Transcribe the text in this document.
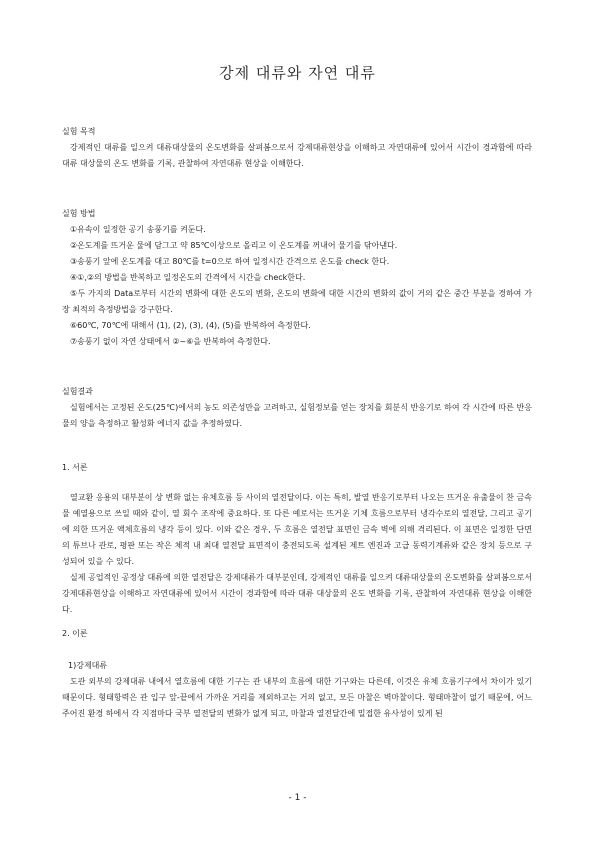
강제 대류와 자연 대류
실험 목적

강제적인 대류를 일으켜 대류대상물의 온도변화를 살펴봄으로서 강제대류현상을 이해하고 자연대류에 있어서 시간이 경과함에 따라 대류 대상물의 온도 변화를 기록, 관찰하여 자연대류 현상을 이해한다.

실험 방법

①유속이 일정한 공기 송풍기를 켜둔다.

②온도계를 뜨거운 물에 담그고 약 85℃이상으로 올리고 이 온도계를 꺼내어 물기를 닦아낸다.

③송풍기 앞에 온도계를 대고 80℃를 t=0으로 하여 일정시간 간격으로 온도를 check 한다.

④①,②의 방법을 반복하고 일정온도의 간격에서 시간을 check한다.

⑤두 가지의 Data로부터 시간의 변화에 대한 온도의 변화, 온도의 변화에 대한 시간의 변화의 값이 거의 같은 중간 부분을 경하여 가장 최적의 측정방법을 강구한다.

⑥60℃, 70℃에 대해서 (1), (2), (3), (4), (5)를 반복하여 측정한다.

⑦송풍기 없이 자연 상태에서 ②~⑥을 반복하여 측정한다.

실험결과

실험에서는 고정된 온도(25℃)에서의 농도 의존성만을 고려하고, 실험정보를 얻는 장치를 회분식 반응기로 하여 각 시간에 따른 반응물의 양을 측정하고 활성화 에너지 값을 추정하였다.

1. 서론

열교환 응용의 대부분이 상 변화 없는 유체흐름 등 사이의 열전달이다. 이는 특히, 발열 반응기로부터 나오는 뜨거운 유출물이 찬 금속물 예열용으로 쓰일 때와 같이, 열 회수 조작에 중요하다. 또 다른 예로서는 뜨거운 기체 흐름으로부터 냉각수로의 열전달, 그리고 공기에 의한 뜨거운 액체흐름의 냉각 등이 있다. 이와 같은 경우, 두 흐름은 열전달 표면인 금속 벽에 의해 격리된다. 이 표면은 일정한 단면의 튜브나 관로, 평판 또는 작은 체적 내 최대 열전달 표면적이 충전되도록 설계된 제트 엔진과 고급 동력기계류와 같은 장치 등으로 구성되어 있을 수 있다.

실제 공업적인 공정상 대류에 의한 열전달은 강제대류가 대부분인데, 강제적인 대류를 일으켜 대류대상물의 온도변화를 살펴봄으로서 강제대류현상을 이해하고 자연대류에 있어서 시간이 경과함에 따라 대류 대상물의 온도 변화를 기록, 관찰하여 자연대류 현상을 이해한다.

2. 이론
1)강제대류

도관 외부의 강제대류 내에서 열흐름에 대한 기구는 관 내부의 흐름에 대한 기구와는 다른데, 이것은 유체 흐름기구에서 차이가 있기 때문이다. 형태항력은 관 입구 앞-끝에서 가까운 거리를 제외하고는 거의 없고, 모든 마찰은 벽마찰이다. 형태마찰이 없기 때문에, 어느 주어진 환경 하에서 각 지점마다 국부 열전달의 변화가 없게 되고, 마찰과 열전달간에 밀접한 유사성이 있게 된

- 1 -
